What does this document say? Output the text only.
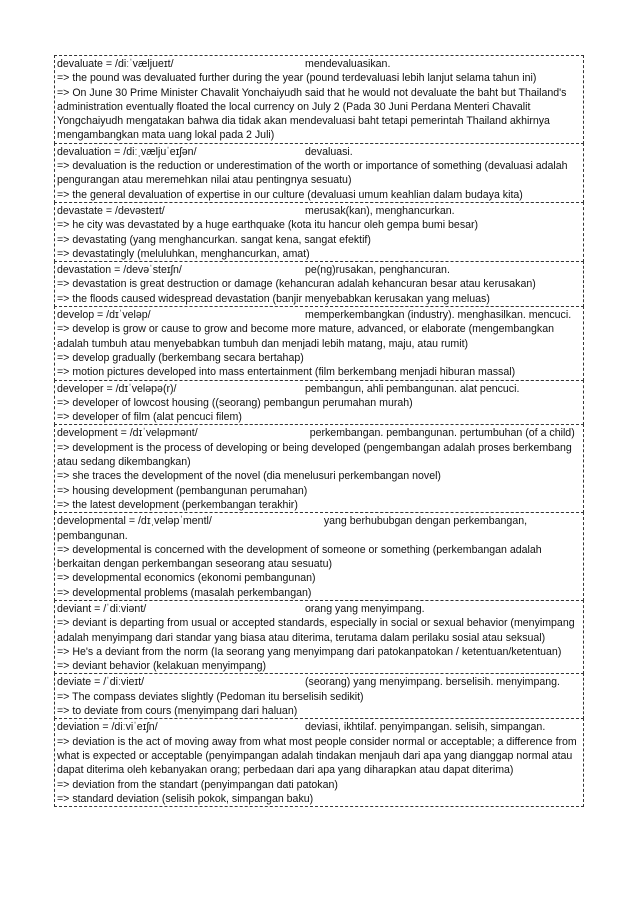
devaluate = /diːˈvæljueɪt/	mendevaluasikan.
=> the pound was devaluated further during the year (pound terdevaluasi lebih lanjut selama tahun ini)
=> On June 30 Prime Minister Chavalit Yonchaiyudh said that he would not devaluate the baht but Thailand's administration eventually floated the local currency on July 2 (Pada 30 Juni Perdana Menteri Chavalit Yongchaiyudh mengatakan bahwa dia tidak akan mendevaluasi baht tetapi pemerintah Thailand akhirnya mengambangkan mata uang lokal pada 2 Juli)
devaluation = /diːˌvæljuˈeɪʃən/	devaluasi.
=> devaluation is the reduction or underestimation of the worth or importance of something (devaluasi adalah pengurangan atau meremehkan nilai atau pentingnya sesuatu)
=> the general devaluation of expertise in our culture (devaluasi umum keahlian dalam budaya kita)
devastate = /devəsteɪt/	merusak(kan), menghancurkan.
=> he city was devastated by a huge earthquake (kota itu hancur oleh gempa bumi besar)
=> devastating (yang menghancurkan. sangat kena, sangat efektif)
=> devastatingly (meluluhkan, menghancurkan, amat)
devastation = /devəˈsteɪʃn/	pe(ng)rusakan, penghancuran.
=> devastation is great destruction or damage (kehancuran adalah kehancuran besar atau kerusakan)
=> the floods caused widespread devastation (banjir menyebabkan kerusakan yang meluas)
develop = /dɪˈveləp/	memperkembangkan (industry). menghasilkan. mencuci.
=> develop is grow or cause to grow and become more mature, advanced, or elaborate (mengembangkan adalah tumbuh atau menyebabkan tumbuh dan menjadi lebih matang, maju, atau rumit)
=> develop gradually (berkembang secara bertahap)
=> motion pictures developed into mass entertainment (film berkembang menjadi hiburan massal)
developer = /dɪˈveləpə(r)/	pembangun, ahli pembangunan. alat pencuci.
=> developer of lowcost housing ((seorang) pembangun perumahan murah)
=> developer of film (alat pencuci filem)
development = /dɪˈveləpmənt/	perkembangan. pembangunan. pertumbuhan (of a child)
=> development is the process of developing or being developed (pengembangan adalah proses berkembang atau sedang dikembangkan)
=> she traces the development of the novel (dia menelusuri perkembangan novel)
=> housing development (pembangunan perumahan)
=> the latest development (perkembangan terakhir)
developmental = /dɪˌveləpˈmentl/	yang berhububgan dengan perkembangan, pembangunan.
=> developmental is concerned with the development of someone or something (perkembangan adalah berkaitan dengan perkembangan seseorang atau sesuatu)
=> developmental economics (ekonomi pembangunan)
=> developmental problems (masalah perkembangan)
deviant = /ˈdiːviənt/	orang yang menyimpang.
=> deviant is departing from usual or accepted standards, especially in social or sexual behavior (menyimpang adalah menyimpang dari standar yang biasa atau diterima, terutama dalam perilaku sosial atau seksual)
=> He's a deviant from the norm (Ia seorang yang menyimpang dari patokanpatokan / ketentuan/ketentuan)
=> deviant behavior (kelakuan menyimpang)
deviate = /ˈdiːvieɪt/	(seorang) yang menyimpang. berselisih. menyimpang.
=> The compass deviates slightly (Pedoman itu berselisih sedikit)
=> to deviate from cours (menyimpang dari haluan)
deviation = /diːviˈeɪʃn/	deviasi, ikhtilaf. penyimpangan. selisih, simpangan.
=> deviation is the act of moving away from what most people consider normal or acceptable; a difference from what is expected or acceptable (penyimpangan adalah tindakan menjauh dari apa yang dianggap normal atau dapat diterima oleh kebanyakan orang; perbedaan dari apa yang diharapkan atau dapat diterima)
=> deviation from the standart (penyimpangan dati patokan)
=> standard deviation (selisih pokok, simpangan baku)
